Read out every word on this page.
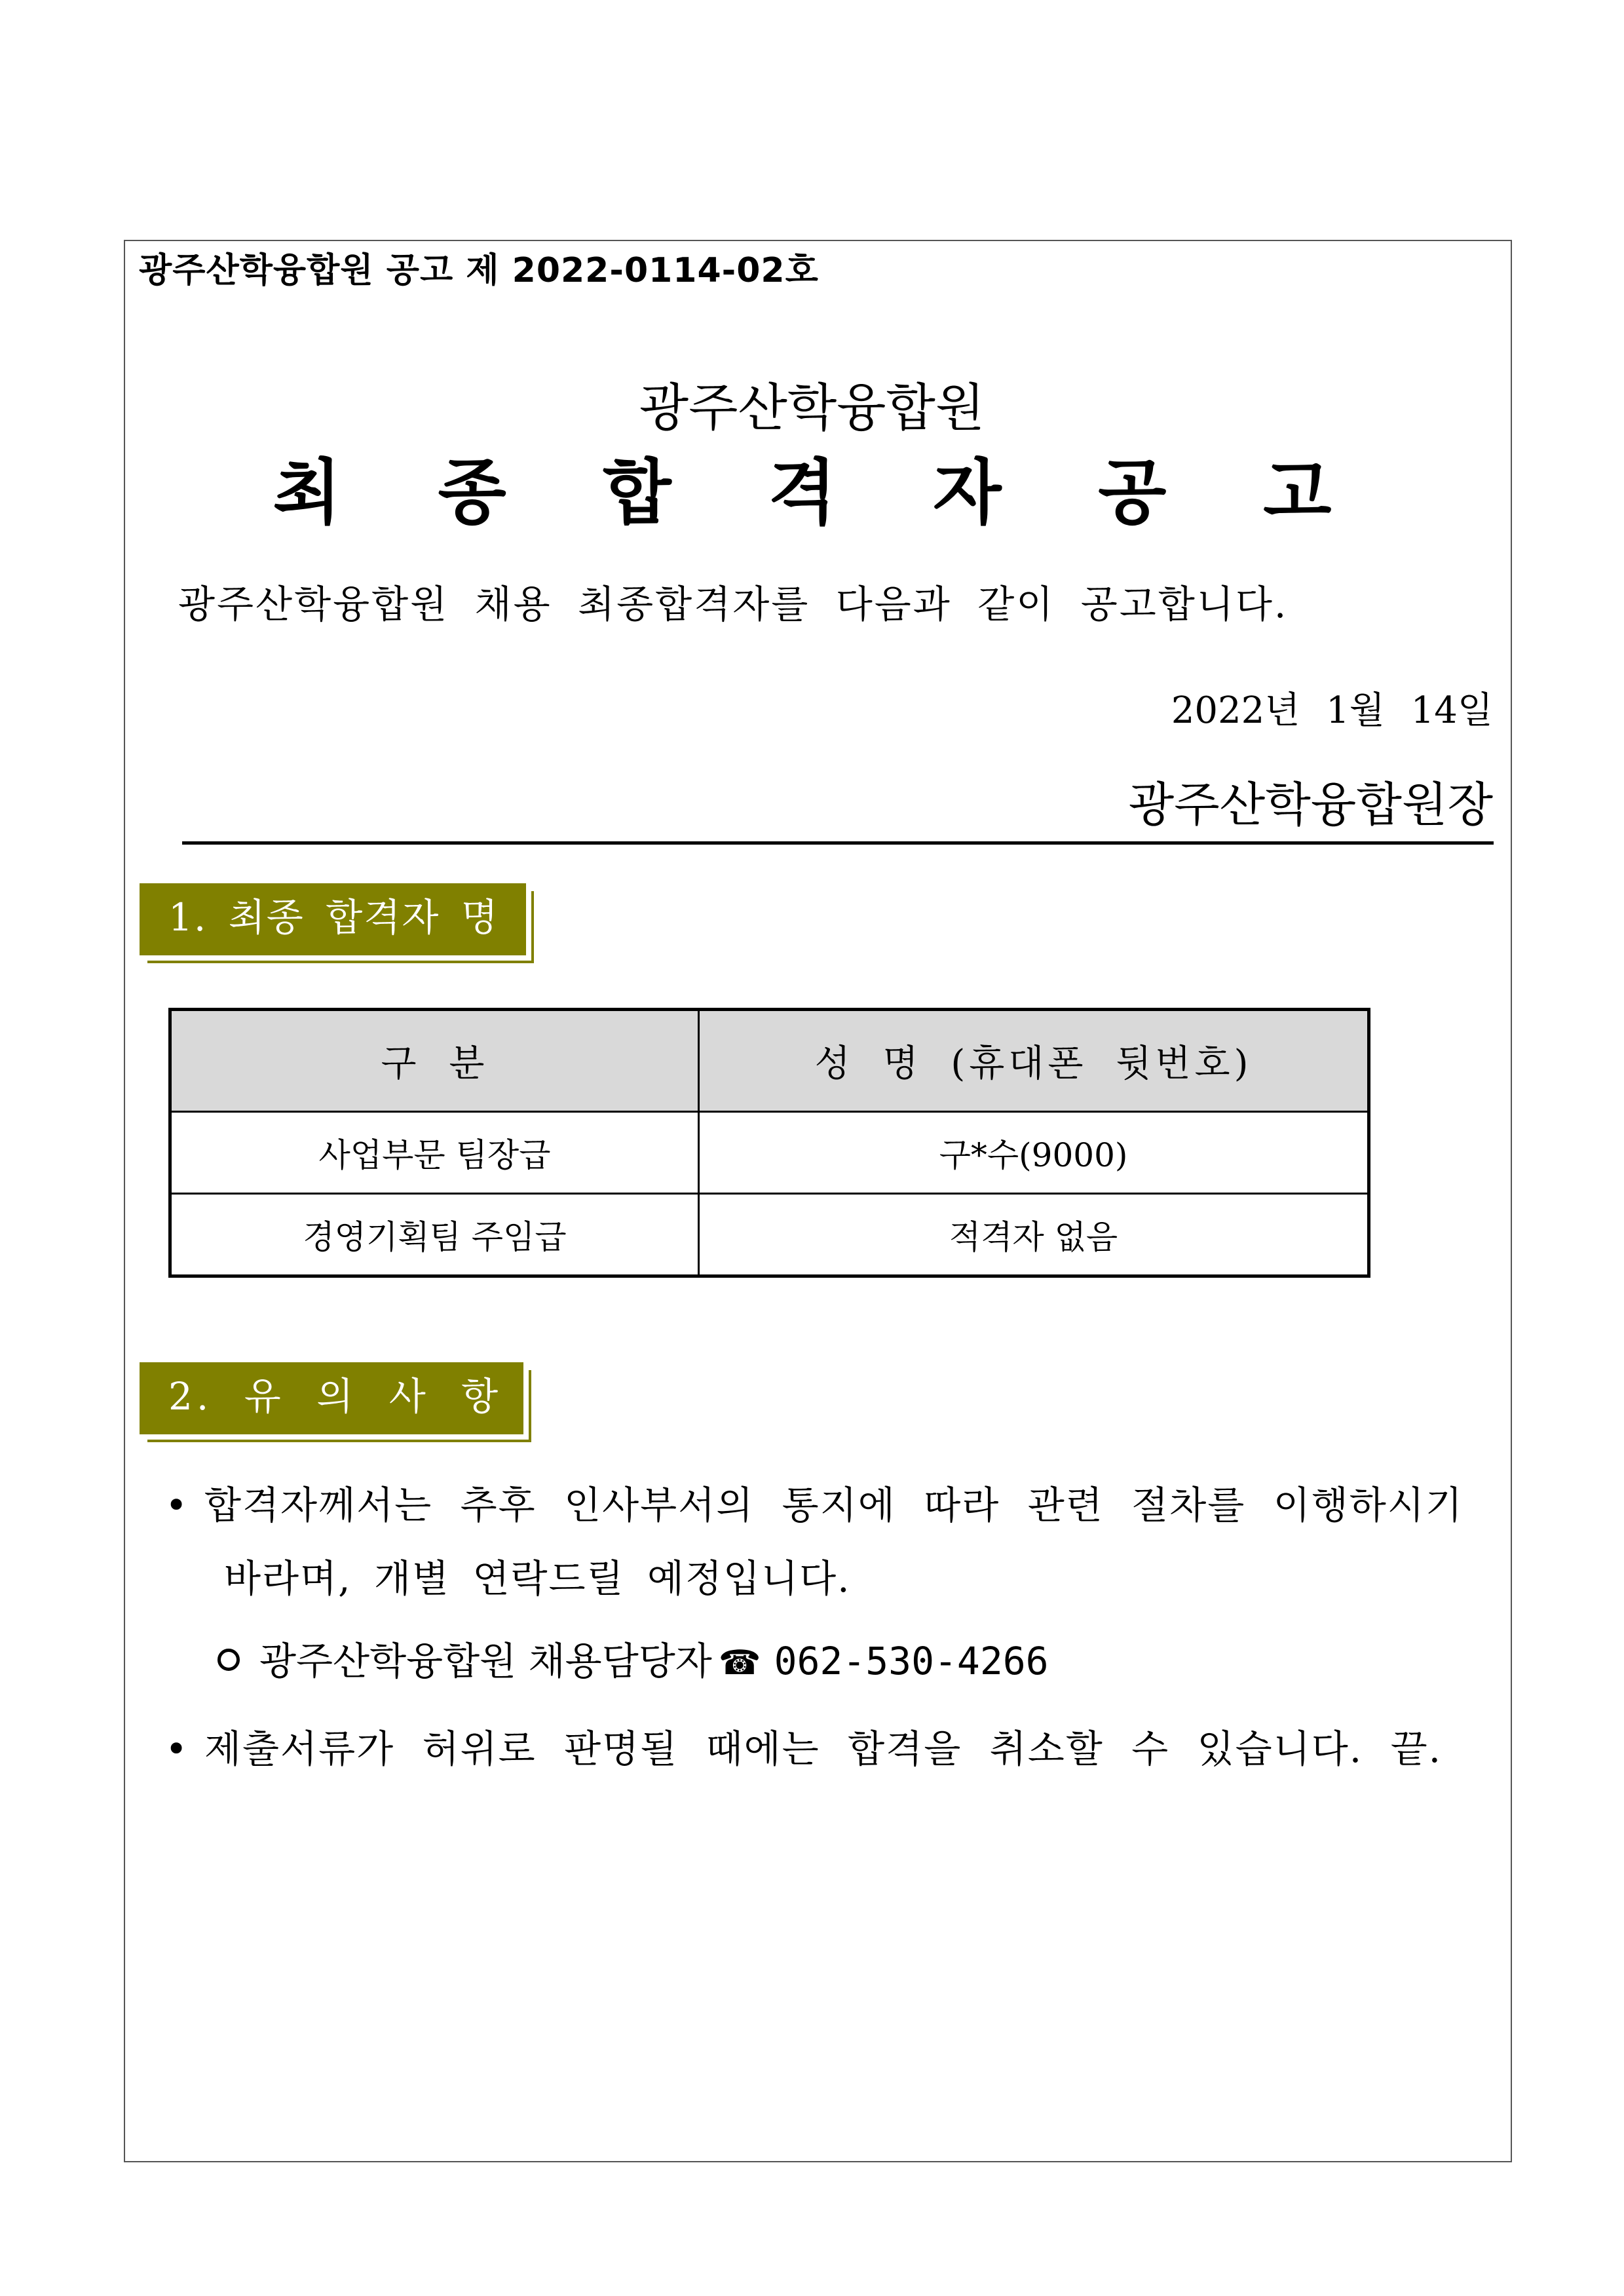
광주산학융합원 공고 제 2022-0114-02호
광주산학융합원
최 종 합 격 자 공 고
광주산학융합원 채용 최종합격자를 다음과 같이 공고합니다.
2022년 1월 14일
광주산학융합원장
1. 최종 합격자 명단
구 분	성 명 (휴대폰 뒷번호)
사업부문 팀장급	구*수(9000)
경영기획팀 주임급	적격자 없음
2. 유 의 사 항
• 합격자께서는 추후 인사부서의 통지에 따라 관련 절차를 이행하시기
바라며, 개별 연락드릴 예정입니다.
광주산학융합원 채용담당자 ☎ 062-530-4266
• 제출서류가 허위로 판명될 때에는 합격을 취소할 수 있습니다. 끝.
